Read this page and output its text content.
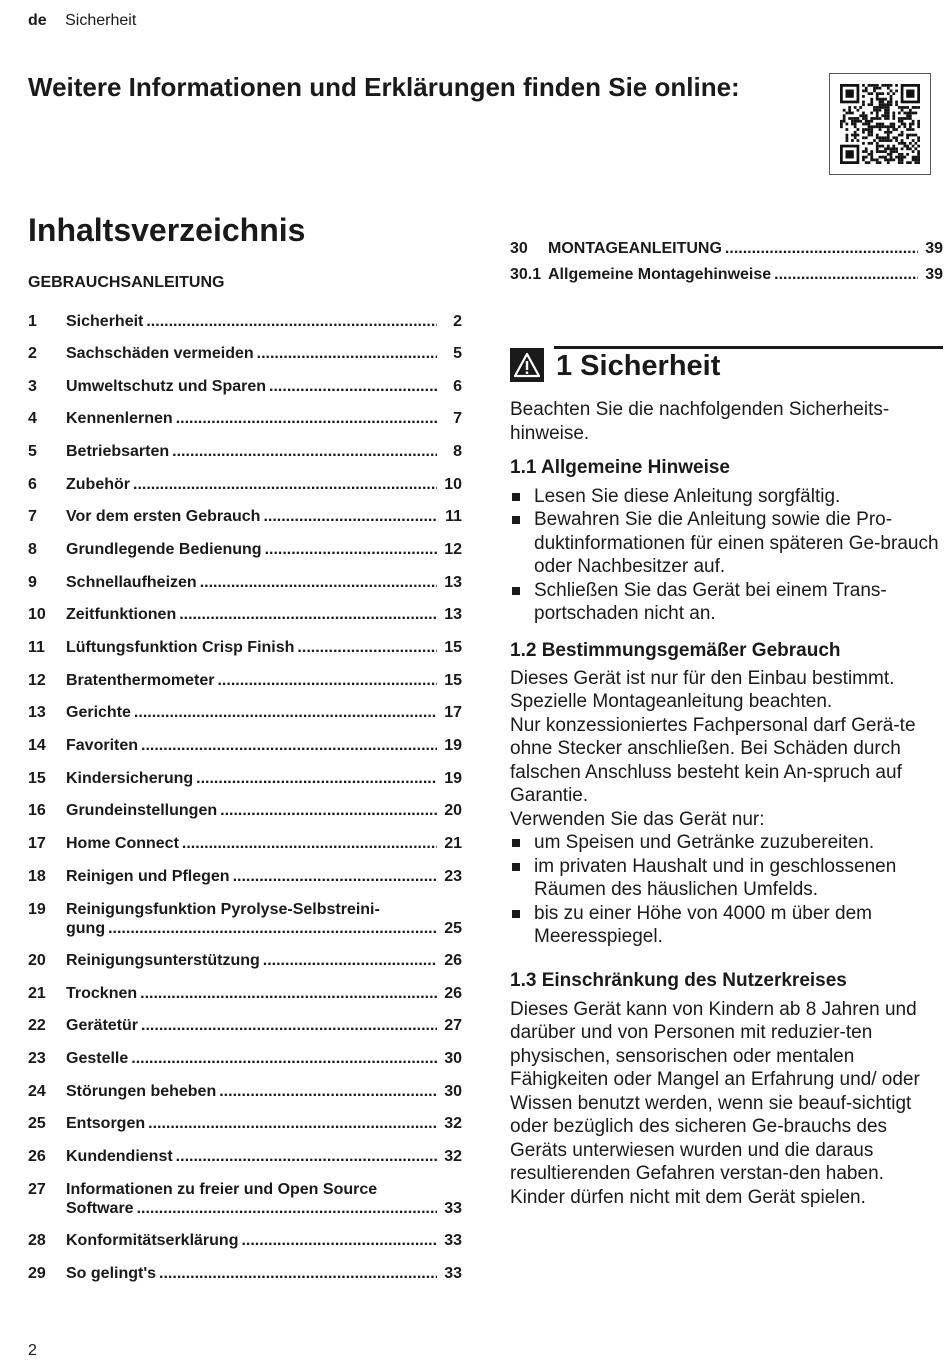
de Sicherheit
Weitere Informationen und Erklärungen finden Sie online:
Inhaltsverzeichnis
GEBRAUCHSANLEITUNG
1 Sicherheit .....	2
2 Sachschäden vermeiden .....	5
3 Umweltschutz und Sparen .....	6
4 Kennenlernen .....	7
5 Betriebsarten .....	8
6 Zubehör .....	10
7 Vor dem ersten Gebrauch .....	11
8 Grundlegende Bedienung .....	12
9 Schnellaufheizen .....	13
10 Zeitfunktionen .....	13
11 Lüftungsfunktion Crisp Finish .....	15
12 Bratenthermometer .....	15
13 Gerichte .....	17
14 Favoriten .....	19
15 Kindersicherung .....	19
16 Grundeinstellungen .....	20
17 Home Connect .....	21
18 Reinigen und Pflegen .....	23
19 Reinigungsfunktion Pyrolyse-Selbstreini-
gung .....	25
20 Reinigungsunterstützung .....	26
21 Trocknen .....	26
22 Gerätetür .....	27
23 Gestelle .....	30
24 Störungen beheben .....	30
25 Entsorgen .....	32
26 Kundendienst .....	32
27 Informationen zu freier und Open Source
Software .....	33
28 Konformitätserklärung .....	33
29 So gelingt's .....	33
30 MONTAGEANLEITUNG .....	39
30.1 Allgemeine Montagehinweise .....	39
1 Sicherheit

Beachten Sie die nachfolgenden Sicherheits-hinweise.

1.1 Allgemeine Hinweise
Lesen Sie diese Anleitung sorgfältig.
Bewahren Sie die Anleitung sowie die Pro-duktinformationen für einen späteren Ge-brauch oder Nachbesitzer auf.
Schließen Sie das Gerät bei einem Trans-portschaden nicht an.
1.2 Bestimmungsgemäßer Gebrauch

Dieses Gerät ist nur für den Einbau bestimmt. Spezielle Montageanleitung beachten.

Nur konzessioniertes Fachpersonal darf Gerä-te ohne Stecker anschließen. Bei Schäden durch falschen Anschluss besteht kein An-spruch auf Garantie.

Verwenden Sie das Gerät nur:

um Speisen und Getränke zuzubereiten.
im privaten Haushalt und in geschlossenen Räumen des häuslichen Umfelds.
bis zu einer Höhe von 4000 m über dem Meeresspiegel.
1.3 Einschränkung des Nutzerkreises

Dieses Gerät kann von Kindern ab 8 Jahren und darüber und von Personen mit reduzier-ten physischen, sensorischen oder mentalen Fähigkeiten oder Mangel an Erfahrung und/ oder Wissen benutzt werden, wenn sie beauf-sichtigt oder bezüglich des sicheren Ge-brauchs des Geräts unterwiesen wurden und die daraus resultierenden Gefahren verstan-den haben.

Kinder dürfen nicht mit dem Gerät spielen.

2
